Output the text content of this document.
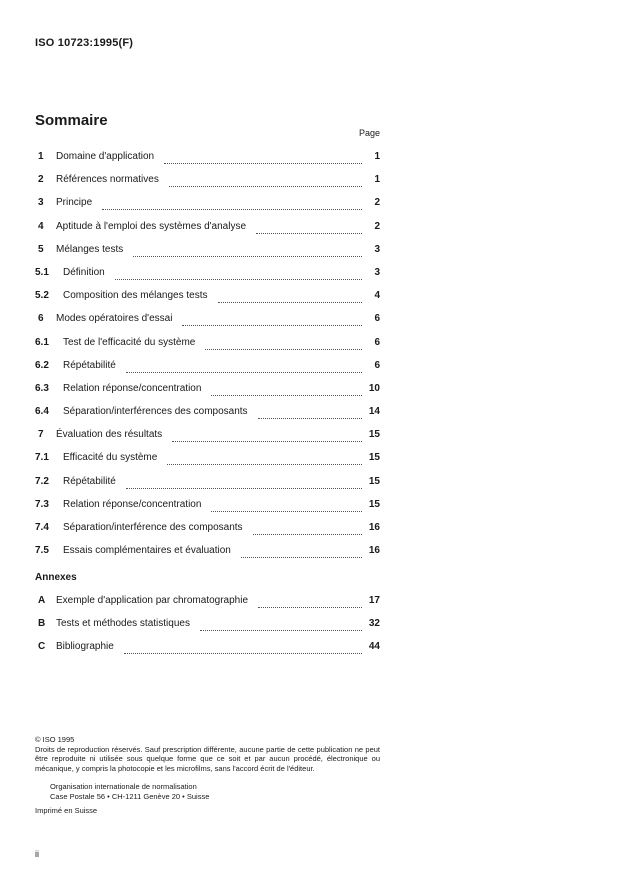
ISO 10723:1995(F)
Sommaire
Page
1 Domaine d'application	1
2 Références normatives	1
3 Principe	2
4 Aptitude à l'emploi des systèmes d'analyse	2
5 Mélanges tests	3
5.1 Définition	3
5.2 Composition des mélanges tests	4
6 Modes opératoires d'essai	6
6.1 Test de l'efficacité du système	6
6.2 Répétabilité	6
6.3 Relation réponse/concentration	10
6.4 Séparation/interférences des composants	14
7 Évaluation des résultats	15
7.1 Efficacité du système	15
7.2 Répétabilité	15
7.3 Relation réponse/concentration	15
7.4 Séparation/interférence des composants	16
7.5 Essais complémentaires et évaluation	16
Annexes
A Exemple d'application par chromatographie	17
B Tests et méthodes statistiques	32
C Bibliographie	44

© ISO 1995

Droits de reproduction réservés. Sauf prescription différente, aucune partie de cette publication ne peut être reproduite ni utilisée sous quelque forme que ce soit et par aucun procédé, électronique ou mécanique, y compris la photocopie et les microfilms, sans l'accord écrit de l'éditeur.

Organisation internationale de normalisation
Case Postale 56 • CH-1211 Genève 20 • Suisse
Imprimé en Suisse
ii
